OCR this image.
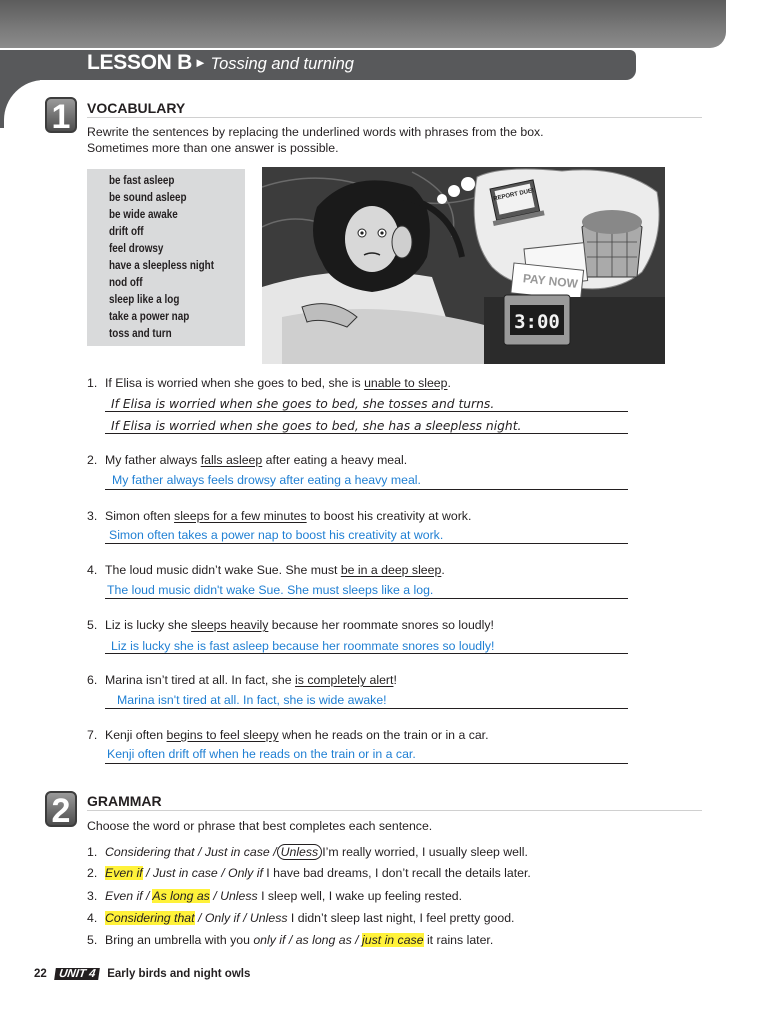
LESSON B ► Tossing and turning
1	VOCABULARY
Rewrite the sentences by replacing the underlined words with phrases from the box.
Sometimes more than one answer is possible.
be fast asleep
be sound asleep
be wide awake
drift off
feel drowsy
have a sleepless night
nod off
sleep like a log
take a power nap
toss and turn
REPORT DUE!
PAY NOW
3:00
1. If Elisa is worried when she goes to bed, she is unable to sleep.
If Elisa is worried when she goes to bed, she tosses and turns.
If Elisa is worried when she goes to bed, she has a sleepless night.
2. My father always falls asleep after eating a heavy meal.
My father always feels drowsy after eating a heavy meal.
3. Simon often sleeps for a few minutes to boost his creativity at work.
Simon often takes a power nap to boost his creativity at work.
4. The loud music didn’t wake Sue. She must be in a deep sleep.
The loud music didn't wake Sue. She must sleeps like a log.
5. Liz is lucky she sleeps heavily because her roommate snores so loudly!
Liz is lucky she is fast asleep because her roommate snores so loudly!
6. Marina isn’t tired at all. In fact, she is completely alert!
Marina isn't tired at all. In fact, she is wide awake!
7. Kenji often begins to feel sleepy when he reads on the train or in a car.
Kenji often drift off when he reads on the train or in a car.
2	GRAMMAR
Choose the word or phrase that best completes each sentence.
1. Considering that / Just in case / Unless I’m really worried, I usually sleep well.
2. Even if / Just in case / Only if I have bad dreams, I don’t recall the details later.
3. Even if / As long as / Unless I sleep well, I wake up feeling rested.
4. Considering that / Only if / Unless I didn’t sleep last night, I feel pretty good.
5. Bring an umbrella with you only if / as long as / just in case it rains later.
22 UNIT 4 Early birds and night owls
